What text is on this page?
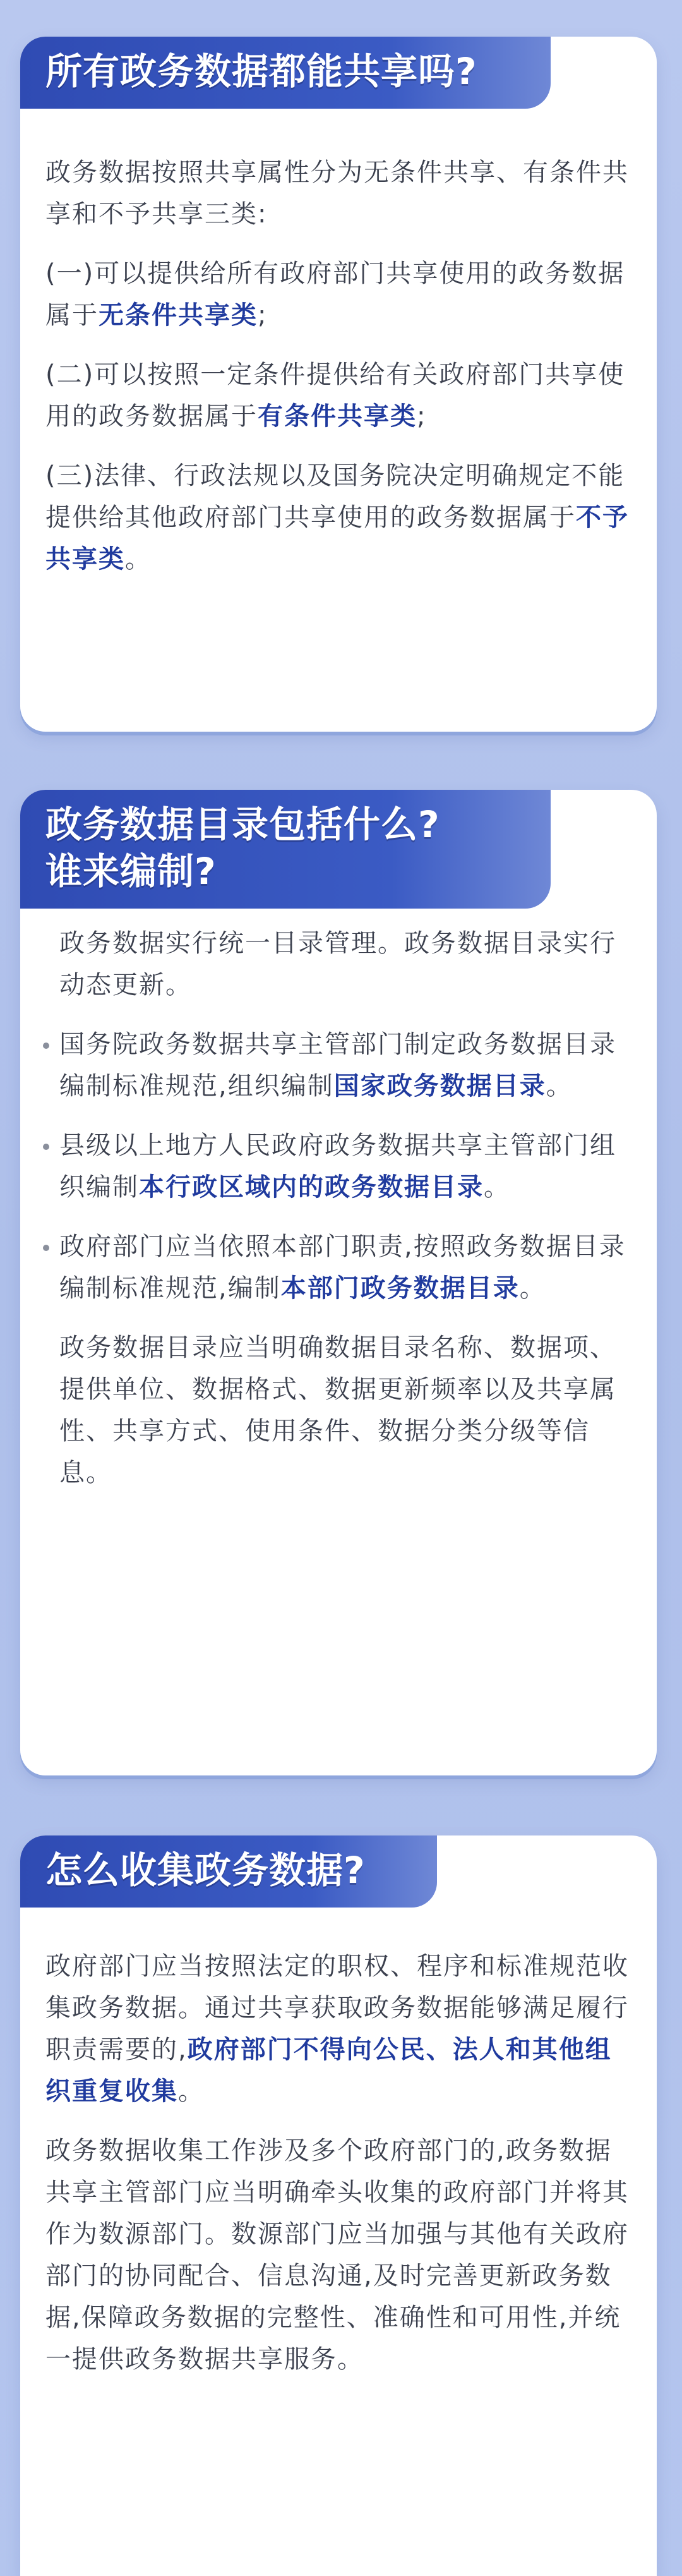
所有政务数据都能共享吗?

政务数据按照共享属性分为无条件共享、有条件共享和不予共享三类:

(一)可以提供给所有政府部门共享使用的政务数据属于无条件共享类;

(二)可以按照一定条件提供给有关政府部门共享使用的政务数据属于有条件共享类;

(三)法律、行政法规以及国务院决定明确规定不能提供给其他政府部门共享使用的政务数据属于不予共享类。

政务数据目录包括什么?
谁来编制?

政务数据实行统一目录管理。政务数据目录实行动态更新。

国务院政务数据共享主管部门制定政务数据目录编制标准规范,组织编制国家政务数据目录。

县级以上地方人民政府政务数据共享主管部门组织编制本行政区域内的政务数据目录。

政府部门应当依照本部门职责,按照政务数据目录编制标准规范,编制本部门政务数据目录。

政务数据目录应当明确数据目录名称、数据项、提供单位、数据格式、数据更新频率以及共享属性、共享方式、使用条件、数据分类分级等信息。

怎么收集政务数据?

政府部门应当按照法定的职权、程序和标准规范收集政务数据。通过共享获取政务数据能够满足履行职责需要的,政府部门不得向公民、法人和其他组织重复收集。

政务数据收集工作涉及多个政府部门的,政务数据共享主管部门应当明确牵头收集的政府部门并将其作为数源部门。数源部门应当加强与其他有关政府部门的协同配合、信息沟通,及时完善更新政务数据,保障政务数据的完整性、准确性和可用性,并统一提供政务数据共享服务。
